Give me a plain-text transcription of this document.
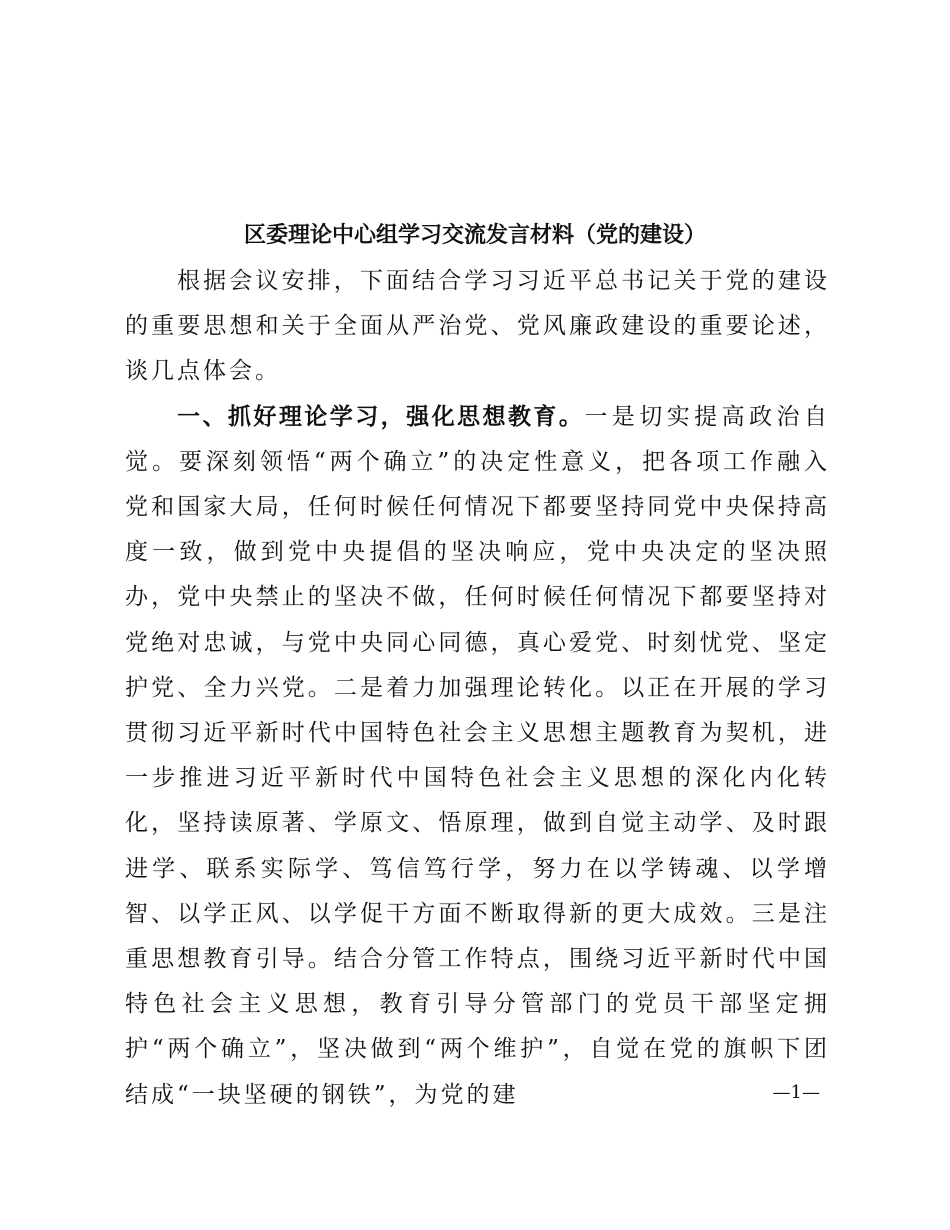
区委理论中心组学习交流发言材料（党的建设）

根据会议安排，下面结合学习习近平总书记关于党的建设的重要思想和关于全面从严治党、党风廉政建设的重要论述，谈几点体会。

一、抓好理论学习，强化思想教育。一是切实提高政治自觉。要深刻领悟“两个确立”的决定性意义，把各项工作融入党和国家大局，任何时候任何情况下都要坚持同党中央保持高度一致，做到党中央提倡的坚决响应，党中央决定的坚决照办，党中央禁止的坚决不做，任何时候任何情况下都要坚持对党绝对忠诚，与党中央同心同德，真心爱党、时刻忧党、坚定护党、全力兴党。二是着力加强理论转化。以正在开展的学习贯彻习近平新时代中国特色社会主义思想主题教育为契机，进一步推进习近平新时代中国特色社会主义思想的深化内化转化，坚持读原著、学原文、悟原理，做到自觉主动学、及时跟进学、联系实际学、笃信笃行学，努力在以学铸魂、以学增智、以学正风、以学促干方面不断取得新的更大成效。三是注重思想教育引导。结合分管工作特点，围绕习近平新时代中国特色社会主义思想，教育引导分管部门的党员干部坚定拥护“两个确立”，坚决做到“两个维护”，自觉在党的旗帜下团结成“一块坚硬的钢铁”，为党的建	—1—
